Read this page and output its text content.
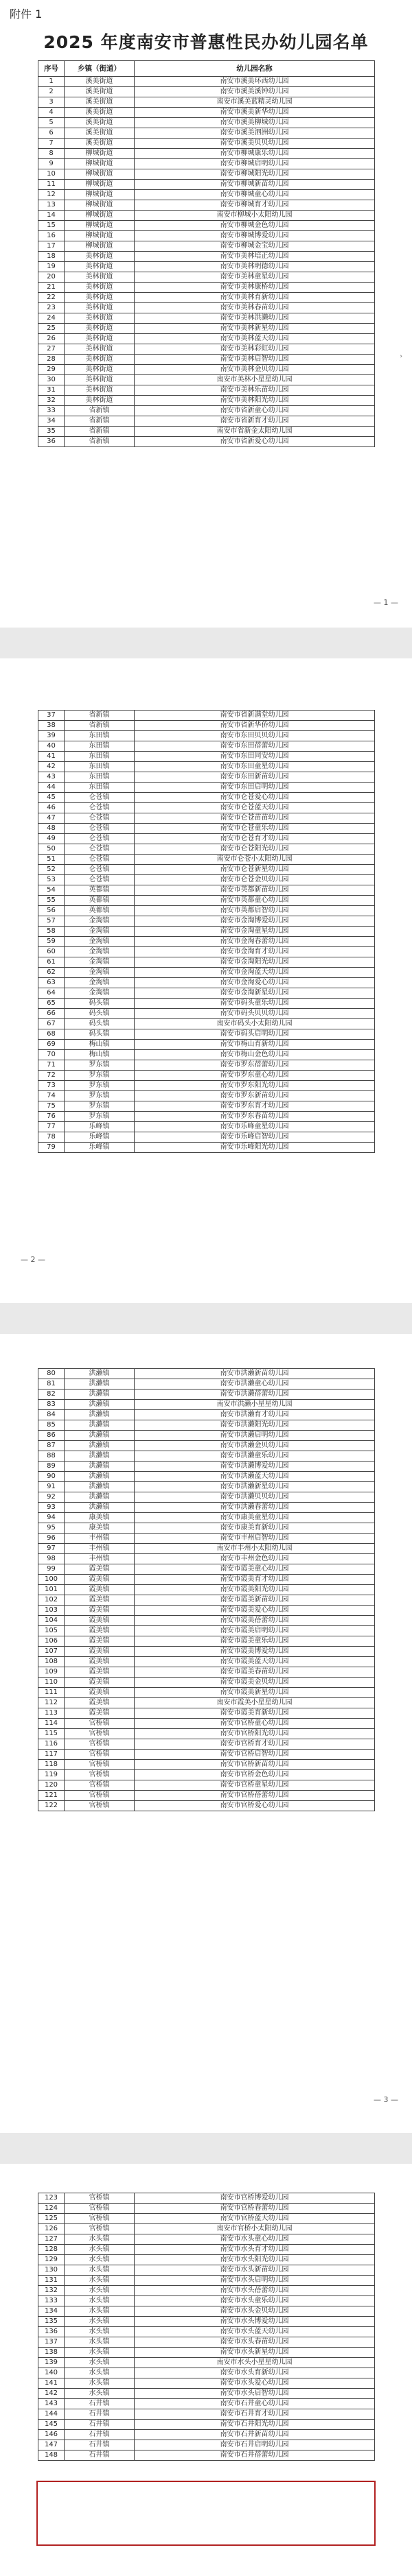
附件 1
2025 年度南安市普惠性民办幼儿园名单
序号	乡镇（街道）	幼儿园名称
1	溪美街道	南安市溪美环西幼儿园
2	溪美街道	南安市溪美溪钟幼儿园
3	溪美街道	南安市溪美蓝精灵幼儿园
4	溪美街道	南安市溪美新华幼儿园
5	溪美街道	南安市溪美柳城幼儿园
6	溪美街道	南安市溪美泗洲幼儿园
7	溪美街道	南安市溪美贝贝幼儿园
8	柳城街道	南安市柳城康乐幼儿园
9	柳城街道	南安市柳城启明幼儿园
10	柳城街道	南安市柳城阳光幼儿园
11	柳城街道	南安市柳城新苗幼儿园
12	柳城街道	南安市柳城童心幼儿园
13	柳城街道	南安市柳城育才幼儿园
14	柳城街道	南安市柳城小太阳幼儿园
15	柳城街道	南安市柳城金色幼儿园
16	柳城街道	南安市柳城博爱幼儿园
17	柳城街道	南安市柳城金宝幼儿园
18	美林街道	南安市美林培正幼儿园
19	美林街道	南安市美林明德幼儿园
20	美林街道	南安市美林童星幼儿园
21	美林街道	南安市美林康桥幼儿园
22	美林街道	南安市美林育新幼儿园
23	美林街道	南安市美林春苗幼儿园
24	美林街道	南安市美林洪濑幼儿园
25	美林街道	南安市美林新星幼儿园
26	美林街道	南安市美林蓝天幼儿园
27	美林街道	南安市美林彩虹幼儿园
28	美林街道	南安市美林启智幼儿园
29	美林街道	南安市美林金贝幼儿园
30	美林街道	南安市美林小星星幼儿园
31	美林街道	南安市美林乐苗幼儿园
32	美林街道	南安市美林阳光幼儿园
33	省新镇	南安市省新童心幼儿园
34	省新镇	南安市省新育才幼儿园
35	省新镇	南安市省新金太阳幼儿园
36	省新镇	南安市省新爱心幼儿园
›
— 1 —
37	省新镇	南安市省新满堂幼儿园
38	省新镇	南安市省新华侨幼儿园
39	东田镇	南安市东田贝贝幼儿园
40	东田镇	南安市东田蓓蕾幼儿园
41	东田镇	南安市东田同安幼儿园
42	东田镇	南安市东田童星幼儿园
43	东田镇	南安市东田新苗幼儿园
44	东田镇	南安市东田启明幼儿园
45	仑苍镇	南安市仑苍爱心幼儿园
46	仑苍镇	南安市仑苍蓝天幼儿园
47	仑苍镇	南安市仑苍苗苗幼儿园
48	仑苍镇	南安市仑苍童乐幼儿园
49	仑苍镇	南安市仑苍育才幼儿园
50	仑苍镇	南安市仑苍阳光幼儿园
51	仑苍镇	南安市仑苍小太阳幼儿园
52	仑苍镇	南安市仑苍新星幼儿园
53	仑苍镇	南安市仑苍金贝幼儿园
54	英都镇	南安市英都新苗幼儿园
55	英都镇	南安市英都童心幼儿园
56	英都镇	南安市英都启智幼儿园
57	金淘镇	南安市金淘博爱幼儿园
58	金淘镇	南安市金淘童星幼儿园
59	金淘镇	南安市金淘春蕾幼儿园
60	金淘镇	南安市金淘育才幼儿园
61	金淘镇	南安市金淘阳光幼儿园
62	金淘镇	南安市金淘蓝天幼儿园
63	金淘镇	南安市金淘爱心幼儿园
64	金淘镇	南安市金淘新星幼儿园
65	码头镇	南安市码头童乐幼儿园
66	码头镇	南安市码头贝贝幼儿园
67	码头镇	南安市码头小太阳幼儿园
68	码头镇	南安市码头启明幼儿园
69	梅山镇	南安市梅山育新幼儿园
70	梅山镇	南安市梅山金色幼儿园
71	罗东镇	南安市罗东蓓蕾幼儿园
72	罗东镇	南安市罗东童心幼儿园
73	罗东镇	南安市罗东阳光幼儿园
74	罗东镇	南安市罗东新苗幼儿园
75	罗东镇	南安市罗东育才幼儿园
76	罗东镇	南安市罗东春苗幼儿园
77	乐峰镇	南安市乐峰童星幼儿园
78	乐峰镇	南安市乐峰启智幼儿园
79	乐峰镇	南安市乐峰阳光幼儿园
— 2 —
80	洪濑镇	南安市洪濑新苗幼儿园
81	洪濑镇	南安市洪濑童心幼儿园
82	洪濑镇	南安市洪濑蓓蕾幼儿园
83	洪濑镇	南安市洪濑小星星幼儿园
84	洪濑镇	南安市洪濑育才幼儿园
85	洪濑镇	南安市洪濑阳光幼儿园
86	洪濑镇	南安市洪濑启明幼儿园
87	洪濑镇	南安市洪濑金贝幼儿园
88	洪濑镇	南安市洪濑童乐幼儿园
89	洪濑镇	南安市洪濑博爱幼儿园
90	洪濑镇	南安市洪濑蓝天幼儿园
91	洪濑镇	南安市洪濑新星幼儿园
92	洪濑镇	南安市洪濑贝贝幼儿园
93	洪濑镇	南安市洪濑春蕾幼儿园
94	康美镇	南安市康美童星幼儿园
95	康美镇	南安市康美育新幼儿园
96	丰州镇	南安市丰州启智幼儿园
97	丰州镇	南安市丰州小太阳幼儿园
98	丰州镇	南安市丰州金色幼儿园
99	霞美镇	南安市霞美童心幼儿园
100	霞美镇	南安市霞美育才幼儿园
101	霞美镇	南安市霞美阳光幼儿园
102	霞美镇	南安市霞美新苗幼儿园
103	霞美镇	南安市霞美爱心幼儿园
104	霞美镇	南安市霞美蓓蕾幼儿园
105	霞美镇	南安市霞美启明幼儿园
106	霞美镇	南安市霞美童乐幼儿园
107	霞美镇	南安市霞美博爱幼儿园
108	霞美镇	南安市霞美蓝天幼儿园
109	霞美镇	南安市霞美春苗幼儿园
110	霞美镇	南安市霞美金贝幼儿园
111	霞美镇	南安市霞美新星幼儿园
112	霞美镇	南安市霞美小星星幼儿园
113	霞美镇	南安市霞美育新幼儿园
114	官桥镇	南安市官桥童心幼儿园
115	官桥镇	南安市官桥阳光幼儿园
116	官桥镇	南安市官桥育才幼儿园
117	官桥镇	南安市官桥启智幼儿园
118	官桥镇	南安市官桥新苗幼儿园
119	官桥镇	南安市官桥金色幼儿园
120	官桥镇	南安市官桥童星幼儿园
121	官桥镇	南安市官桥蓓蕾幼儿园
122	官桥镇	南安市官桥爱心幼儿园
— 3 —
123	官桥镇	南安市官桥博爱幼儿园
124	官桥镇	南安市官桥春蕾幼儿园
125	官桥镇	南安市官桥蓝天幼儿园
126	官桥镇	南安市官桥小太阳幼儿园
127	水头镇	南安市水头童心幼儿园
128	水头镇	南安市水头育才幼儿园
129	水头镇	南安市水头阳光幼儿园
130	水头镇	南安市水头新苗幼儿园
131	水头镇	南安市水头启明幼儿园
132	水头镇	南安市水头蓓蕾幼儿园
133	水头镇	南安市水头童乐幼儿园
134	水头镇	南安市水头金贝幼儿园
135	水头镇	南安市水头博爱幼儿园
136	水头镇	南安市水头蓝天幼儿园
137	水头镇	南安市水头春苗幼儿园
138	水头镇	南安市水头新星幼儿园
139	水头镇	南安市水头小星星幼儿园
140	水头镇	南安市水头育新幼儿园
141	水头镇	南安市水头爱心幼儿园
142	水头镇	南安市水头启智幼儿园
143	石井镇	南安市石井童心幼儿园
144	石井镇	南安市石井育才幼儿园
145	石井镇	南安市石井阳光幼儿园
146	石井镇	南安市石井新苗幼儿园
147	石井镇	南安市石井启明幼儿园
148	石井镇	南安市石井蓓蕾幼儿园
